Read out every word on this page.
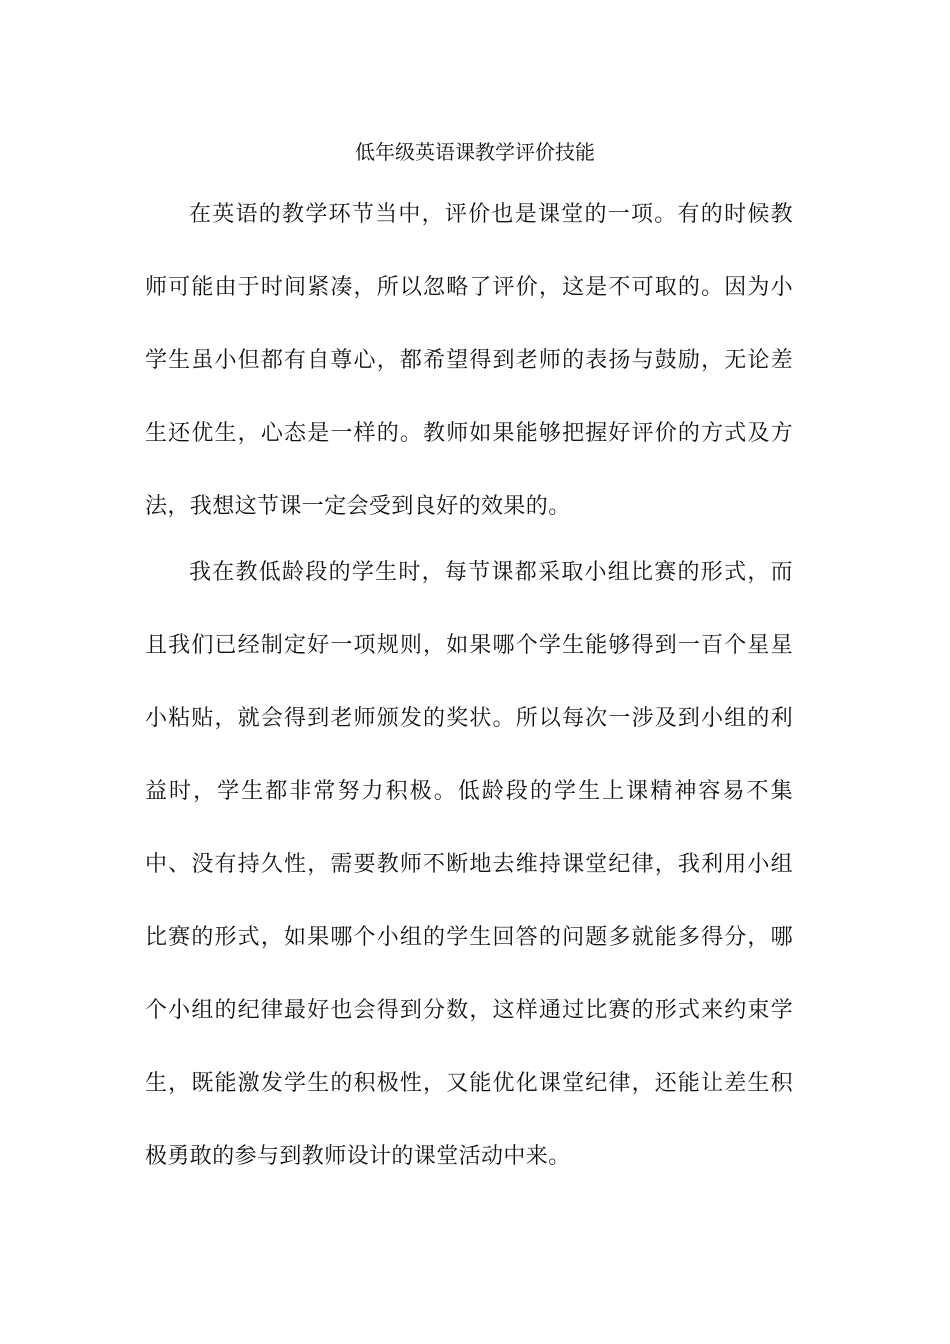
低年级英语课教学评价技能

在英语的教学环节当中，评价也是课堂的一项。有的时候教师可能由于时间紧凑，所以忽略了评价，这是不可取的。因为小学生虽小但都有自尊心，都希望得到老师的表扬与鼓励，无论差生还优生，心态是一样的。教师如果能够把握好评价的方式及方法，我想这节课一定会受到良好的效果的。

我在教低龄段的学生时，每节课都采取小组比赛的形式，而且我们已经制定好一项规则，如果哪个学生能够得到一百个星星小粘贴，就会得到老师颁发的奖状。所以每次一涉及到小组的利益时，学生都非常努力积极。低龄段的学生上课精神容易不集中、没有持久性，需要教师不断地去维持课堂纪律，我利用小组比赛的形式，如果哪个小组的学生回答的问题多就能多得分，哪个小组的纪律最好也会得到分数，这样通过比赛的形式来约束学生，既能激发学生的积极性，又能优化课堂纪律，还能让差生积极勇敢的参与到教师设计的课堂活动中来。
